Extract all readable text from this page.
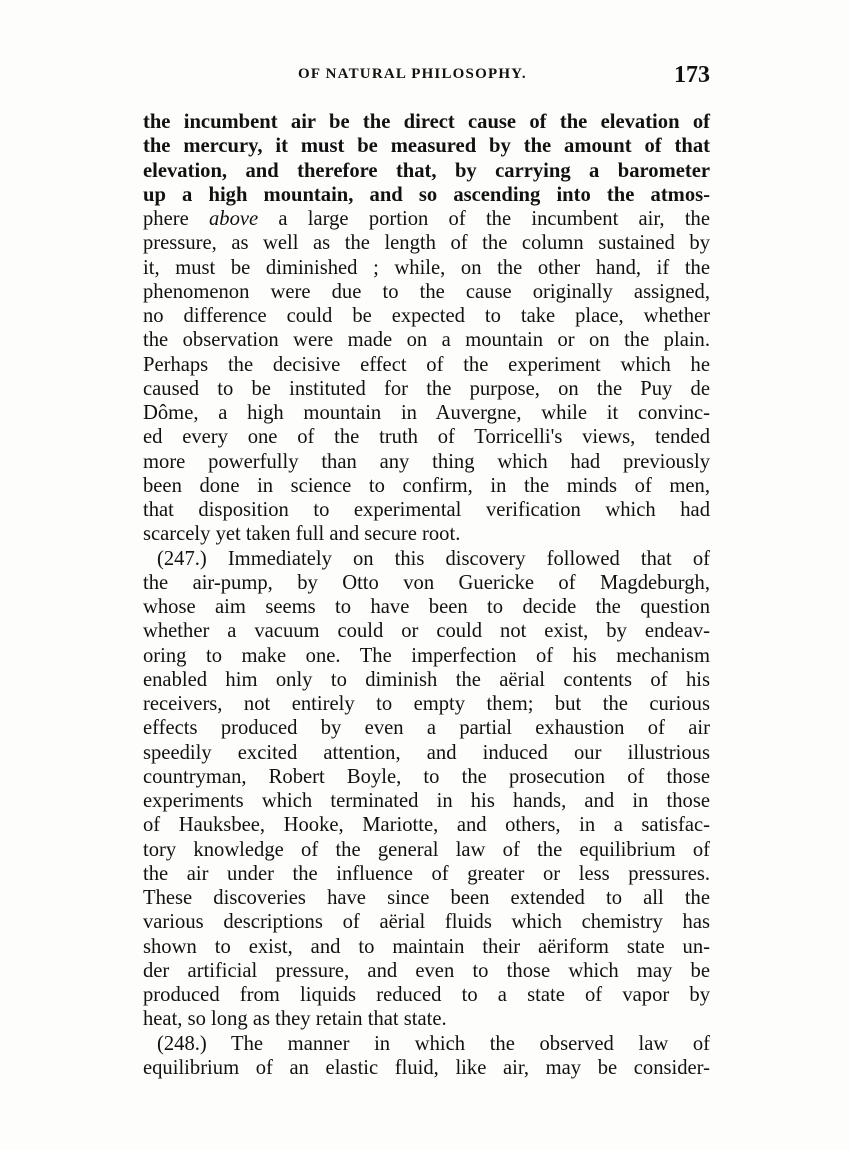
OF NATURAL PHILOSOPHY.	173
the incumbent air be the direct cause of the elevation of
the mercury, it must be measured by the amount of that
elevation, and therefore that, by carrying a barometer
up a high mountain, and so ascending into the atmos-
phere above a large portion of the incumbent air, the
pressure, as well as the length of the column sustained by
it, must be diminished ; while, on the other hand, if the
phenomenon were due to the cause originally assigned,
no difference could be expected to take place, whether
the observation were made on a mountain or on the plain.
Perhaps the decisive effect of the experiment which he
caused to be instituted for the purpose, on the Puy de
Dôme, a high mountain in Auvergne, while it convinc-
ed every one of the truth of Torricelli's views, tended
more powerfully than any thing which had previously
been done in science to confirm, in the minds of men,
that disposition to experimental verification which had
scarcely yet taken full and secure root.
(247.) Immediately on this discovery followed that of
the air-pump, by Otto von Guericke of Magdeburgh,
whose aim seems to have been to decide the question
whether a vacuum could or could not exist, by endeav-
oring to make one. The imperfection of his mechanism
enabled him only to diminish the aërial contents of his
receivers, not entirely to empty them; but the curious
effects produced by even a partial exhaustion of air
speedily excited attention, and induced our illustrious
countryman, Robert Boyle, to the prosecution of those
experiments which terminated in his hands, and in those
of Hauksbee, Hooke, Mariotte, and others, in a satisfac-
tory knowledge of the general law of the equilibrium of
the air under the influence of greater or less pressures.
These discoveries have since been extended to all the
various descriptions of aërial fluids which chemistry has
shown to exist, and to maintain their aëriform state un-
der artificial pressure, and even to those which may be
produced from liquids reduced to a state of vapor by
heat, so long as they retain that state.
(248.) The manner in which the observed law of
equilibrium of an elastic fluid, like air, may be consider-
